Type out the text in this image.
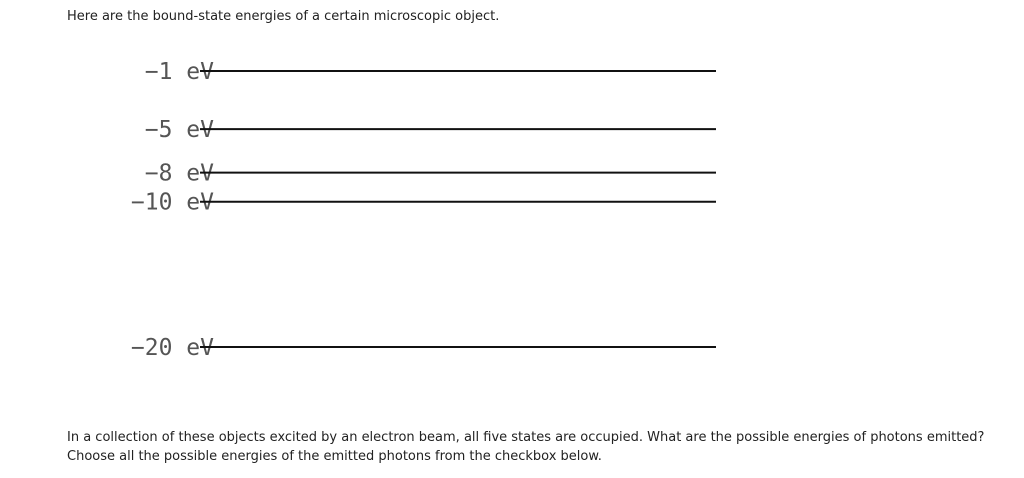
Here are the bound-state energies of a certain microscopic object.
−1 eV
−5 eV
−8 eV
−10 eV
−20 eV

In a collection of these objects excited by an electron beam, all five states are occupied. What are the possible energies of photons emitted?

Choose all the possible energies of the emitted photons from the checkbox below.
